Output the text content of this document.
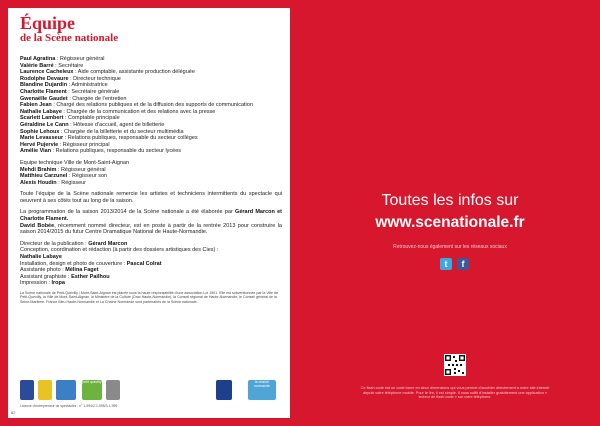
Équipe
de la Scène nationale
Paul Agratina : Régisseur général
Valérie Barré : Secrétaire
Laurence Cacheleux : Aide comptable, assistante production déléguée
Rodolphe Devaure : Directeur technique
Blandine Dujardin : Administratrice
Charlotte Flament : Secrétaire générale
Gwenaëlle Gaudet : Chargée de l’entretien
Fabien Jean : Chargé des relations publiques et de la diffusion des supports de communication
Nathalie Labaye : Chargée de la communication et des relations avec la presse
Scarlett Lambert : Comptable principale
Géraldine Le Cann : Hôtesse d’accueil, agent de billetterie
Sophie Lehoux : Chargée de la billetterie et du secteur multimédia
Marie Levasseur : Relations publiques, responsable du secteur collèges
Hervé Pujervie : Régisseur principal
Amélie Vian : Relations publiques, responsable du secteur lycées
Equipe technique Ville de Mont-Saint-Aignan
Mehdi Brahim : Régisseur général
Matthieu Carzunel : Régisseur son
Alexis Houdin : Régisseur
Toute l’équipe de la Scène nationale remercie les artistes et techniciens intermittents du spectacle qui oeuvrent à ses côtés tout au long de la saison.
La programmation de la saison 2013/2014 de la Scène nationale a été élaborée par Gérard Marcon et Charlotte Flament.
David Bobée, récemment nommé directeur, est en poste à partir de la rentrée 2013 pour construire la saison 2014/2015 du futur Centre Dramatique National de Haute-Normandie.
Directeur de la publication : Gérard Marcon
Conception, coordination et rédaction (à partir des dossiers artistiques des Cies) :
Nathalie Labaye
Installation, design et photo de couverture : Pascal Colrat
Assistante photo : Mélina Faget
Assistant graphiste : Esther Pailhou
Impression : Iropa
La Scène nationale de Petit-Quevilly / Mont-Saint-Aignan est placée sous la haute responsabilité d’une association Loi 1901. Elle est subventionnée par la Ville de Petit-Quevilly, la Ville de Mont-Saint-Aignan, le Ministère de la Culture (Drac Haute-Normandie), la Conseil régional de Haute-Normandie, le Conseil général de la Seine-Maritime. France Bleu Haute-Normandie et La Chaîne Normande sont partenaires de la Scène nationale.
petit quevilly	la chaîne normande
Licence d’entrepreneur de spectacles : n° 1-994/2-1-995/3-1-995
82
Toutes les infos sur
www.scenationale.fr
Retrouvez-nous également sur les réseaux sociaux
t	f
Ce flash code est un code barre en deux dimensions qui vous permet d’accéder directement à notre site internet depuis votre téléphone mobile. Pour le lire, il est simple. Il vous suffit d’installer gratuitement une application « lecteur de flash code » sur votre téléphone.
